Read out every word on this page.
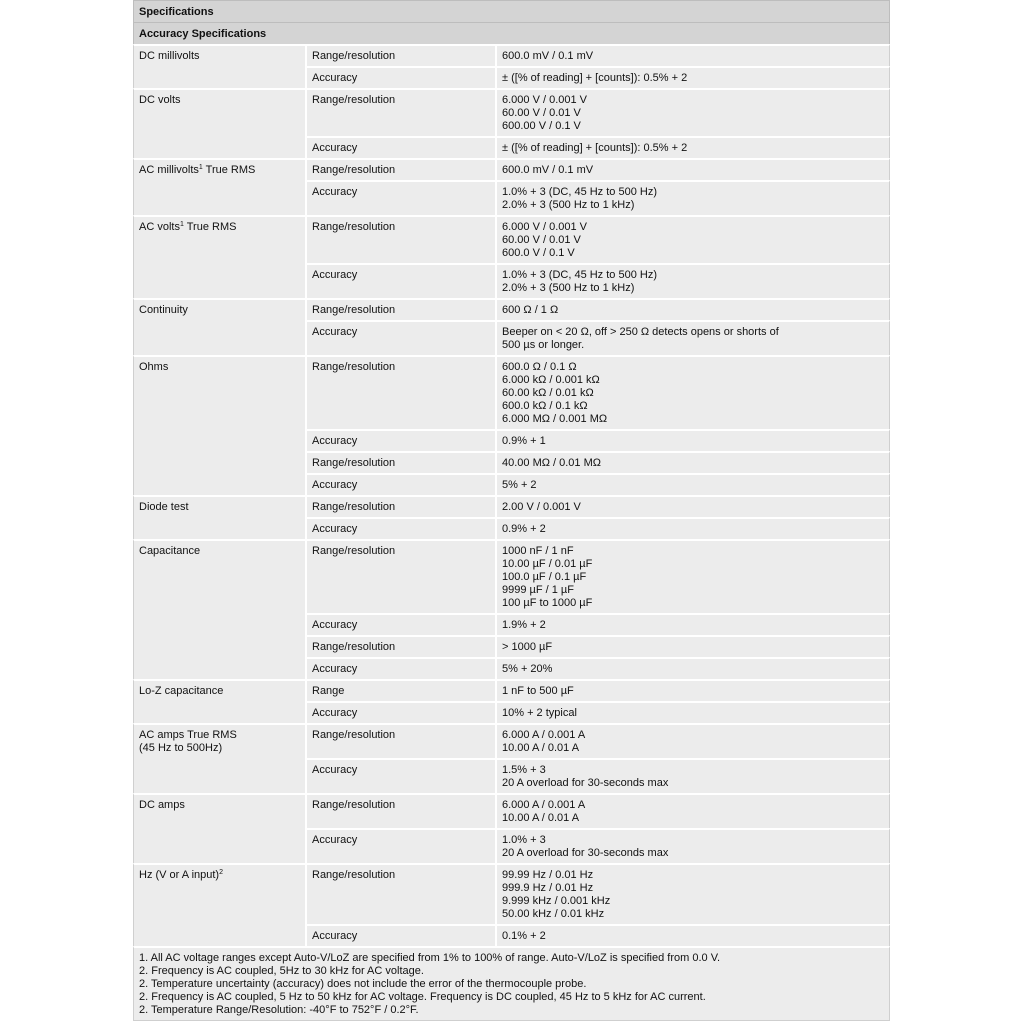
Specifications
Accuracy Specifications
DC millivolts	Range/resolution	600.0 mV / 0.1 mV

	Accuracy	± ([% of reading] + [counts]): 0.5% + 2

DC volts	Range/resolution	6.000 V / 0.001 V
60.00 V / 0.01 V
600.00 V / 0.1 V

	Accuracy	± ([% of reading] + [counts]): 0.5% + 2

AC millivolts$^1$ True RMS	Range/resolution	600.0 mV / 0.1 mV

	Accuracy	1.0% + 3 (DC, 45 Hz to 500 Hz)
2.0% + 3 (500 Hz to 1 kHz)

AC volts$^1$ True RMS	Range/resolution	6.000 V / 0.001 V
60.00 V / 0.01 V
600.0 V / 0.1 V

	Accuracy	1.0% + 3 (DC, 45 Hz to 500 Hz)
2.0% + 3 (500 Hz to 1 kHz)

Continuity	Range/resolution	600 Ω / 1 Ω

	Accuracy	Beeper on < 20 Ω, off > 250 Ω detects opens or shorts of
500 µs or longer.

Ohms	Range/resolution	600.0 Ω / 0.1 Ω
6.000 kΩ / 0.001 kΩ
60.00 kΩ / 0.01 kΩ
600.0 kΩ / 0.1 kΩ
6.000 MΩ / 0.001 MΩ

	Accuracy	0.9% + 1

	Range/resolution	40.00 MΩ / 0.01 MΩ

	Accuracy	5% + 2

Diode test	Range/resolution	2.00 V / 0.001 V

	Accuracy	0.9% + 2

Capacitance	Range/resolution	1000 nF / 1 nF
10.00 µF / 0.01 µF
100.0 µF / 0.1 µF
9999 µF / 1 µF
100 µF to 1000 µF

	Accuracy	1.9% + 2

	Range/resolution	> 1000 µF

	Accuracy	5% + 20%

Lo-Z capacitance	Range	1 nF to 500 µF

	Accuracy	10% + 2 typical

AC amps True RMS
(45 Hz to 500Hz)	Range/resolution	6.000 A / 0.001 A
10.00 A / 0.01 A

	Accuracy	1.5% + 3
20 A overload for 30-seconds max

DC amps	Range/resolution	6.000 A / 0.001 A
10.00 A / 0.01 A

	Accuracy	1.0% + 3
20 A overload for 30-seconds max

Hz (V or A input)$^2$	Range/resolution	99.99 Hz / 0.01 Hz
999.9 Hz / 0.01 Hz
9.999 kHz / 0.001 kHz
50.00 kHz / 0.01 kHz

	Accuracy	0.1% + 2
1. All AC voltage ranges except Auto-V/LoZ are specified from 1% to 100% of range. Auto-V/LoZ is specified from 0.0 V.
2. Frequency is AC coupled, 5Hz to 30 kHz for AC voltage.
2. Temperature uncertainty (accuracy) does not include the error of the thermocouple probe.
2. Frequency is AC coupled, 5 Hz to 50 kHz for AC voltage. Frequency is DC coupled, 45 Hz to 5 kHz for AC current.
2. Temperature Range/Resolution: -40°F to 752°F / 0.2°F.
